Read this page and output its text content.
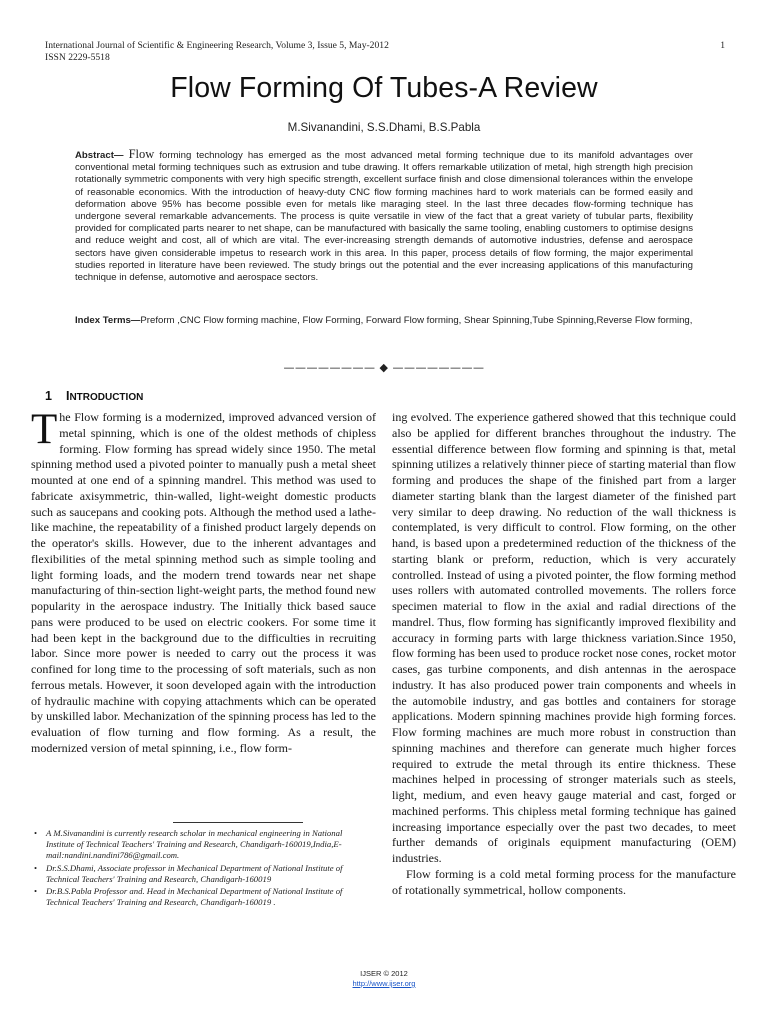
International Journal of Scientific & Engineering Research, Volume 3, Issue 5, May-2012
ISSN 2229-5518
1
Flow Forming Of Tubes-A Review
M.Sivanandini, S.S.Dhami, B.S.Pabla
Abstract— Flow forming technology has emerged as the most advanced metal forming technique due to its manifold advantages over conventional metal forming techniques such as extrusion and tube drawing. It offers remarkable utilization of metal, high strength high precision rotationally symmetric components with very high specific strength, excellent surface finish and close dimensional tolerances within the envelope of reasonable economics. With the introduction of heavy-duty CNC flow forming machines hard to work materials can be formed easily and deformation above 95% has become possible even for metals like maraging steel. In the last three decades flow-forming technique has undergone several remarkable advancements. The process is quite versatile in view of the fact that a great variety of tubular parts, flexibility provided for complicated parts nearer to net shape, can be manufactured with basically the same tooling, enabling customers to optimise designs and reduce weight and cost, all of which are vital. The ever-increasing strength demands of automotive industries, defense and aerospace sectors have given considerable impetus to research work in this area. In this paper, process details of flow forming, the major experimental studies reported in literature have been reviewed. The study brings out the potential and the ever increasing applications of this manufacturing technique in defense, automotive and aerospace sectors.
Index Terms—Preform ,CNC Flow forming machine, Flow Forming, Forward Flow forming, Shear Spinning,Tube Spinning,Reverse Flow forming,
———————— ◆ ————————
1 INTRODUCTION

The Flow forming is a modernized, improved advanced version of metal spinning, which is one of the oldest methods of chipless forming. Flow forming has spread widely since 1950. The metal spinning method used a pivoted pointer to manually push a metal sheet mounted at one end of a spinning mandrel. This method was used to fabricate axisymmetric, thin-walled, light-weight domestic products such as saucepans and cooking pots. Although the method used a lathe-like machine, the repeatability of a finished product largely depends on the operator's skills. However, due to the inherent advantages and flexibilities of the metal spinning method such as simple tooling and light forming loads, and the modern trend towards near net shape manufacturing of thin-section light-weight parts, the method found new popularity in the aerospace industry. The Initially thick based sauce pans were produced to be used on electric cookers. For some time it had been kept in the background due to the difficulties in recruiting labor. Since more power is needed to carry out the process it was confined for long time to the processing of soft materials, such as non ferrous metals. However, it soon developed again with the introduction of hydraulic machine with copying attachments which can be operated by unskilled labor. Mechanization of the spinning process has led to the evaluation of flow turning and flow forming. As a result, the modernized version of metal spinning, i.e., flow form-

ing evolved. The experience gathered showed that this technique could also be applied for different branches throughout the industry. The essential difference between flow forming and spinning is that, metal spinning utilizes a relatively thinner piece of starting material than flow forming and produces the shape of the finished part from a larger diameter starting blank than the largest diameter of the finished part very similar to deep drawing. No reduction of the wall thickness is contemplated, is very difficult to control. Flow forming, on the other hand, is based upon a predetermined reduction of the thickness of the starting blank or preform, reduction, which is very accurately controlled. Instead of using a pivoted pointer, the flow forming method uses rollers with automated controlled movements. The rollers force specimen material to flow in the axial and radial directions of the mandrel. Thus, flow forming has significantly improved flexibility and accuracy in forming parts with large thickness variation.Since 1950, flow forming has been used to produce rocket nose cones, rocket motor cases, gas turbine components, and dish antennas in the aerospace industry. It has also produced power train components and wheels in the automobile industry, and gas bottles and containers for storage applications. Modern spinning machines provide high forming forces. Flow forming machines are much more robust in construction than spinning machines and therefore can generate much higher forces required to extrude the metal through its entire thickness. These machines helped in processing of stronger materials such as steels, light, medium, and even heavy gauge material and cast, forged or machined performs. This chipless metal forming technique has gained increasing importance especially over the past two decades, to meet further demands of originals equipment manufacturing (OEM) industries.

Flow forming is a cold metal forming process for the manufacture of rotationally symmetrical, hollow components.

• A M.Sivanandini is currently research scholar in mechanical engineering in National Institute of Technical Teachers' Training and Research, Chandigarh-160019,India,E-mail:nandini.nandini786@gmail.com.
• Dr.S.S.Dhami, Associate professor in Mechanical Department of National Institute of Technical Teachers' Training and Research, Chandigarh-160019
• Dr.B.S.Pabla Professor and. Head in Mechanical Department of National Institute of Technical Teachers' Training and Research, Chandigarh-160019 .
IJSER © 2012
http://www.ijser.org
